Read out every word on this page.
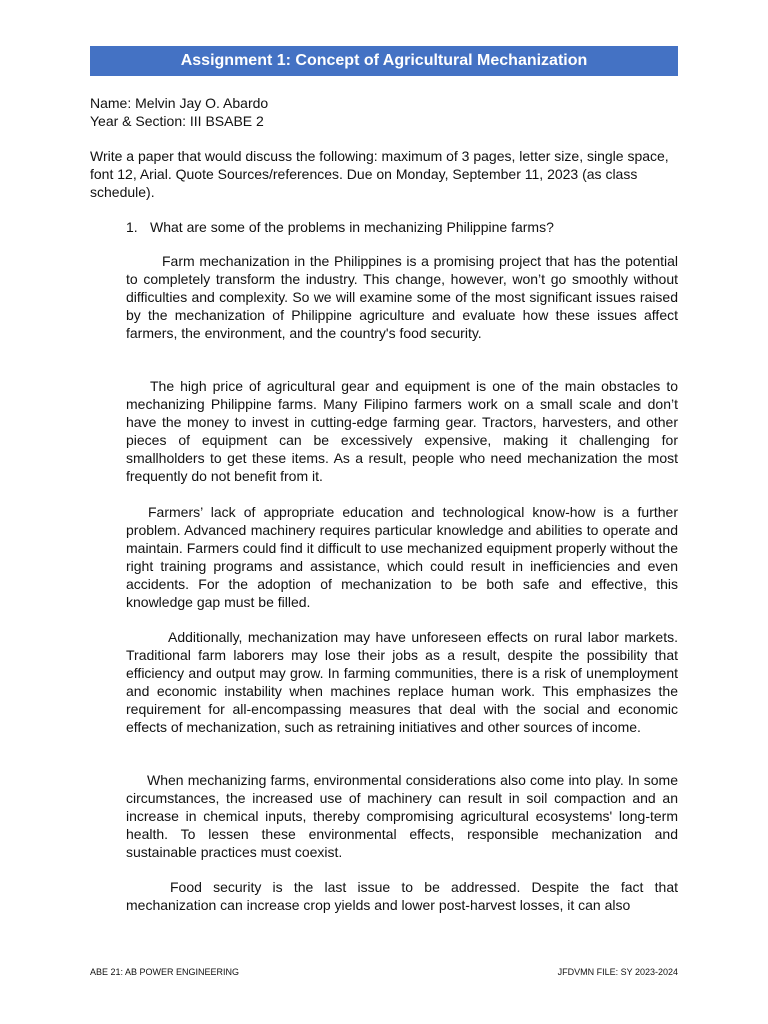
Assignment 1: Concept of Agricultural Mechanization
Name: Melvin Jay O. Abardo
Year & Section: III BSABE 2
Write a paper that would discuss the following: maximum of 3 pages, letter size, single space, font 12, Arial. Quote Sources/references. Due on Monday, September 11, 2023 (as class schedule).
1. What are some of the problems in mechanizing Philippine farms?

Farm mechanization in the Philippines is a promising project that has the potential to completely transform the industry. This change, however, won’t go smoothly without difficulties and complexity. So we will examine some of the most significant issues raised by the mechanization of Philippine agriculture and evaluate how these issues affect farmers, the environment, and the country's food security.

The high price of agricultural gear and equipment is one of the main obstacles to mechanizing Philippine farms. Many Filipino farmers work on a small scale and don’t have the money to invest in cutting-edge farming gear. Tractors, harvesters, and other pieces of equipment can be excessively expensive, making it challenging for smallholders to get these items. As a result, people who need mechanization the most frequently do not benefit from it.

Farmers’ lack of appropriate education and technological know-how is a further problem. Advanced machinery requires particular knowledge and abilities to operate and maintain. Farmers could find it difficult to use mechanized equipment properly without the right training programs and assistance, which could result in inefficiencies and even accidents. For the adoption of mechanization to be both safe and effective, this knowledge gap must be filled.

Additionally, mechanization may have unforeseen effects on rural labor markets. Traditional farm laborers may lose their jobs as a result, despite the possibility that efficiency and output may grow. In farming communities, there is a risk of unemployment and economic instability when machines replace human work. This emphasizes the requirement for all-encompassing measures that deal with the social and economic effects of mechanization, such as retraining initiatives and other sources of income.

When mechanizing farms, environmental considerations also come into play. In some circumstances, the increased use of machinery can result in soil compaction and an increase in chemical inputs, thereby compromising agricultural ecosystems' long-term health. To lessen these environmental effects, responsible mechanization and sustainable practices must coexist.

Food security is the last issue to be addressed. Despite the fact that mechanization can increase crop yields and lower post-harvest losses, it can also

ABE 21: AB POWER ENGINEERING	JFDVMN FILE: SY 2023-2024
